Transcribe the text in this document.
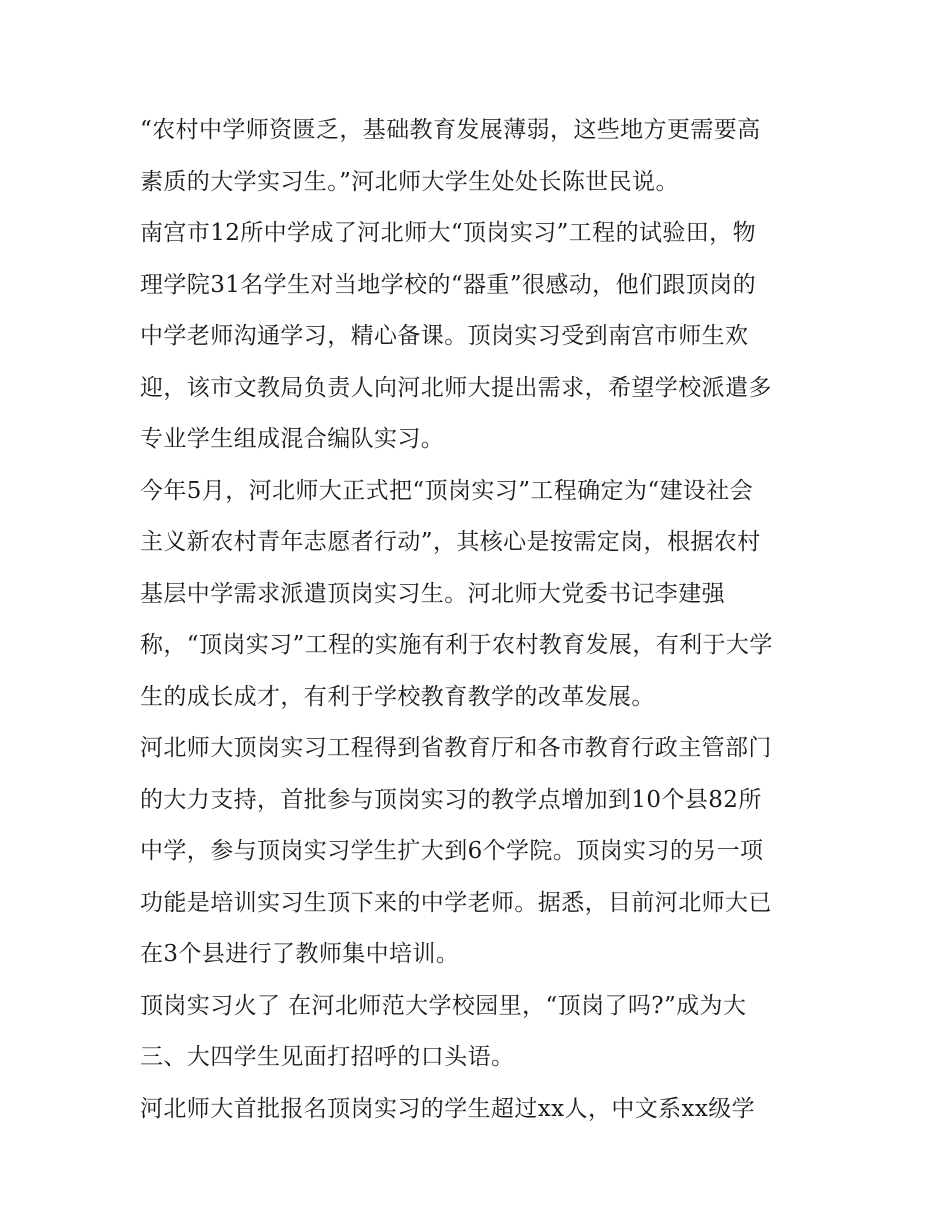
“农村中学师资匮乏，基础教育发展薄弱，这些地方更需要高
素质的大学实习生。”河北师大学生处处长陈世民说。
南宫市12所中学成了河北师大“顶岗实习”工程的试验田，物
理学院31名学生对当地学校的“器重”很感动，他们跟顶岗的
中学老师沟通学习，精心备课。顶岗实习受到南宫市师生欢
迎，该市文教局负责人向河北师大提出需求，希望学校派遣多
专业学生组成混合编队实习。
今年5月，河北师大正式把“顶岗实习”工程确定为“建设社会
主义新农村青年志愿者行动”，其核心是按需定岗，根据农村
基层中学需求派遣顶岗实习生。河北师大党委书记李建强
称，“顶岗实习”工程的实施有利于农村教育发展，有利于大学
生的成长成才，有利于学校教育教学的改革发展。
河北师大顶岗实习工程得到省教育厅和各市教育行政主管部门
的大力支持，首批参与顶岗实习的教学点增加到10个县82所
中学，参与顶岗实习学生扩大到6个学院。顶岗实习的另一项
功能是培训实习生顶下来的中学老师。据悉，目前河北师大已
在3个县进行了教师集中培训。
顶岗实习火了 在河北师范大学校园里，“顶岗了吗?”成为大
三、大四学生见面打招呼的口头语。
河北师大首批报名顶岗实习的学生超过xx人，中文系xx级学
